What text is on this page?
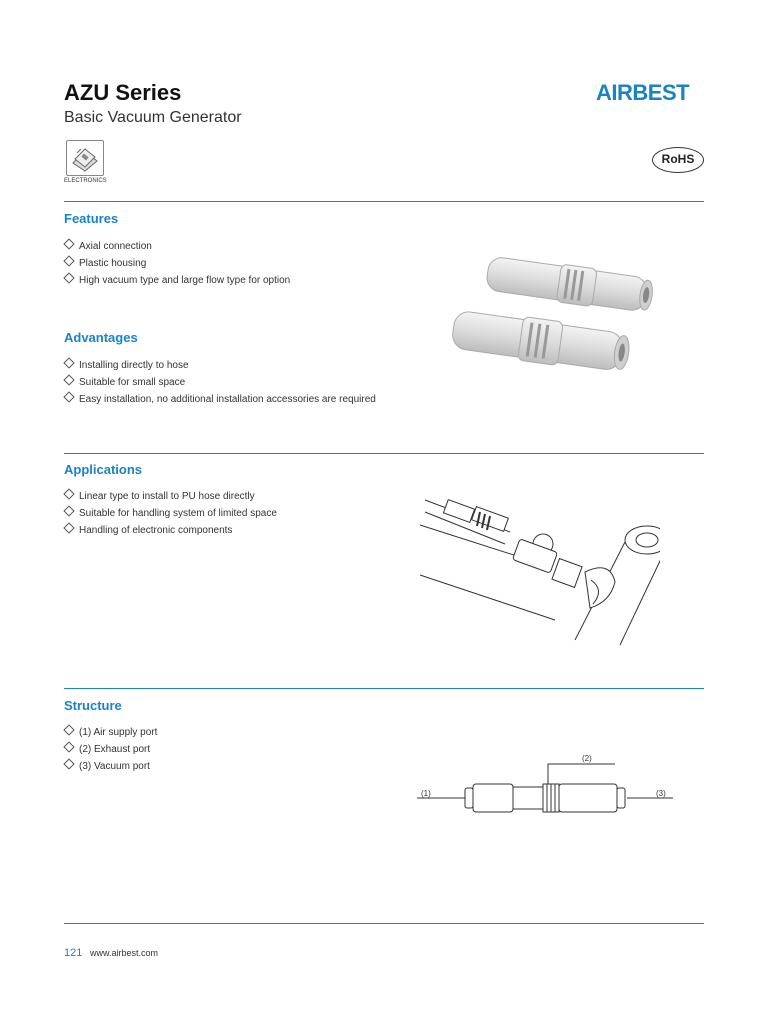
AZU Series
Basic Vacuum Generator
AIRBEST
ELECTRONICS
RoHS
Features
Axial connection
Plastic housing
High vacuum type and large flow type for option
Advantages
Installing directly to hose
Suitable for small space
Easy installation, no additional installation accessories are required
Applications
Linear type to install to PU hose directly
Suitable for handling system of limited space
Handling of electronic components
Structure
(1) Air supply port
(2) Exhaust port
(3) Vacuum port
(1)
(2)
(3)
121 www.airbest.com
